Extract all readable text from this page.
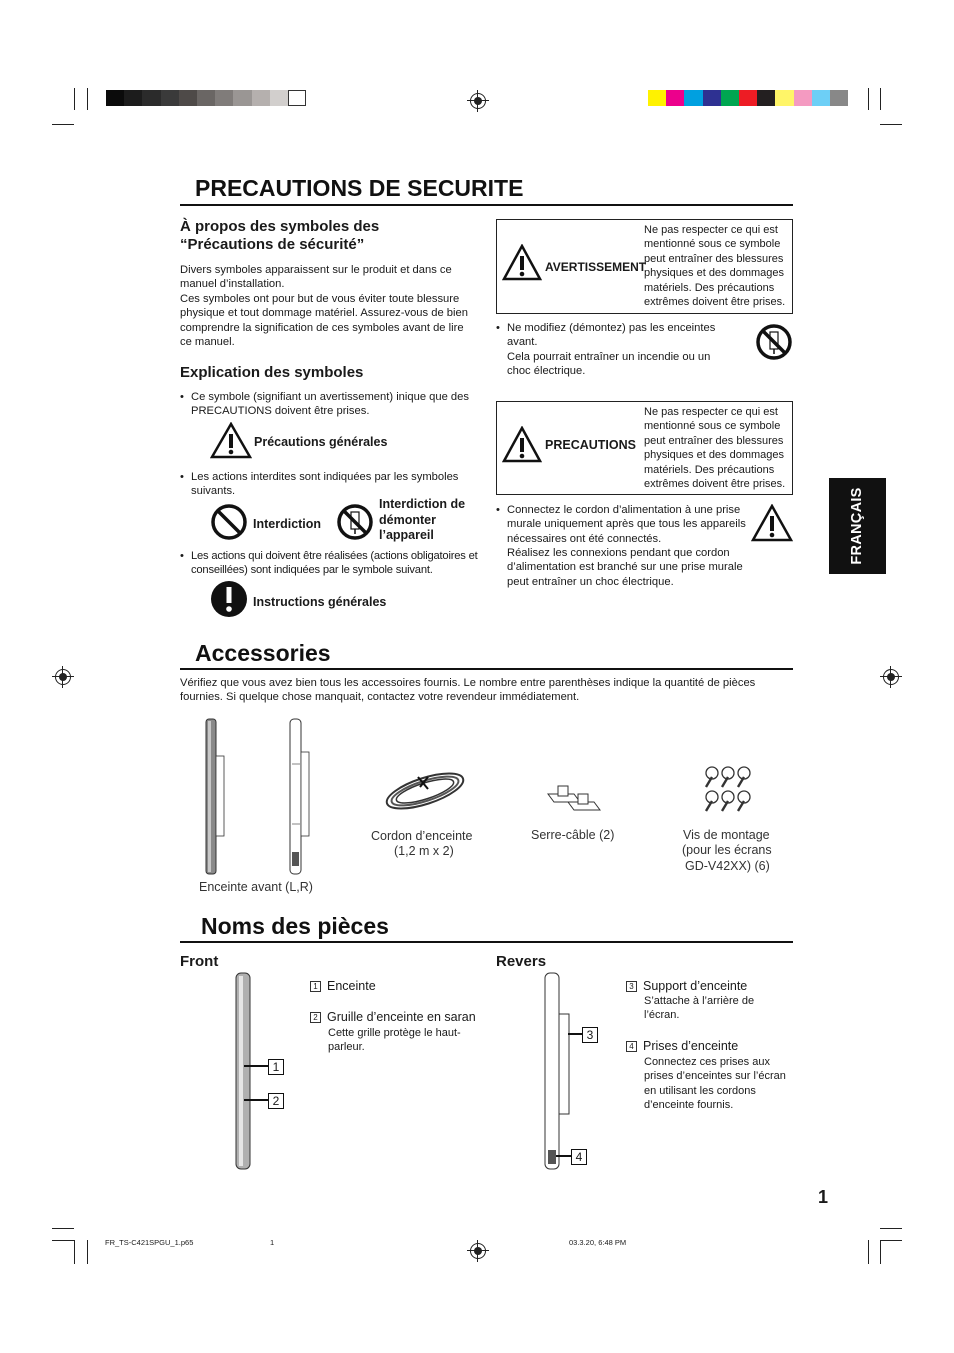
PRECAUTIONS DE SECURITE
À propos des symboles des “Précautions de sécurité”
Divers symboles apparaissent sur le produit et dans ce manuel d’installation.
Ces symboles ont pour but de vous éviter toute blessure physique et tout dommage matériel. Assurez-vous de bien comprendre la signification de ces symboles avant de lire ce manuel.
Explication des symboles
• Ce symbole (signifiant un avertissement) inique que des PRECAUTIONS doivent être prises.
Précautions générales
• Les actions interdites sont indiquées par les symboles suivants.
Interdiction
Interdiction de démonter l’appareil
• Les actions qui doivent être réalisées (actions obligatoires et conseillées) sont indiquées par le symbole suivant.
Instructions générales
AVERTISSEMENT
Ne pas respecter ce qui est mentionné sous ce symbole peut entraîner des blessures physiques et des dommages matériels. Des précautions extrêmes doivent être prises.
• Ne modifiez (démontez) pas les enceintes avant.
Cela pourrait entraîner un incendie ou un choc électrique.
PRECAUTIONS
Ne pas respecter ce qui est mentionné sous ce symbole peut entraîner des blessures physiques et des dommages matériels. Des précautions extrêmes doivent être prises.
• Connectez le cordon d’alimentation à une prise murale uniquement après que tous les appareils nécessaires ont été connectés.
Réalisez les connexions pendant que cordon d’alimentation est branché sur une prise murale peut entraîner un choc électrique.
FRANÇAIS
Accessories
Vérifiez que vous avez bien tous les accessoires fournis. Le nombre entre parenthèses indique la quantité de pièces fournies. Si quelque chose manquait, contactez votre revendeur immédiatement.
Enceinte avant (L,R)
Cordon d’enceinte
(1,2 m x 2)
Serre-câble (2)	Vis de montage
(pour les écrans
GD-V42XX) (6)
Noms des pièces
Front	Revers
1
2
1 Enceinte
2 Gruille d’enceinte en saran
Cette grille protège le haut-parleur.
3
4
3 Support d’enceinte
S’attache à l’arrière de l’écran.
4 Prises d’enceinte
Connectez ces prises aux prises d’enceintes sur l’écran en utilisant les cordons d’enceinte fournis.
1
FR_TS-C421SPGU_1.p65	1	03.3.20, 6:48 PM
